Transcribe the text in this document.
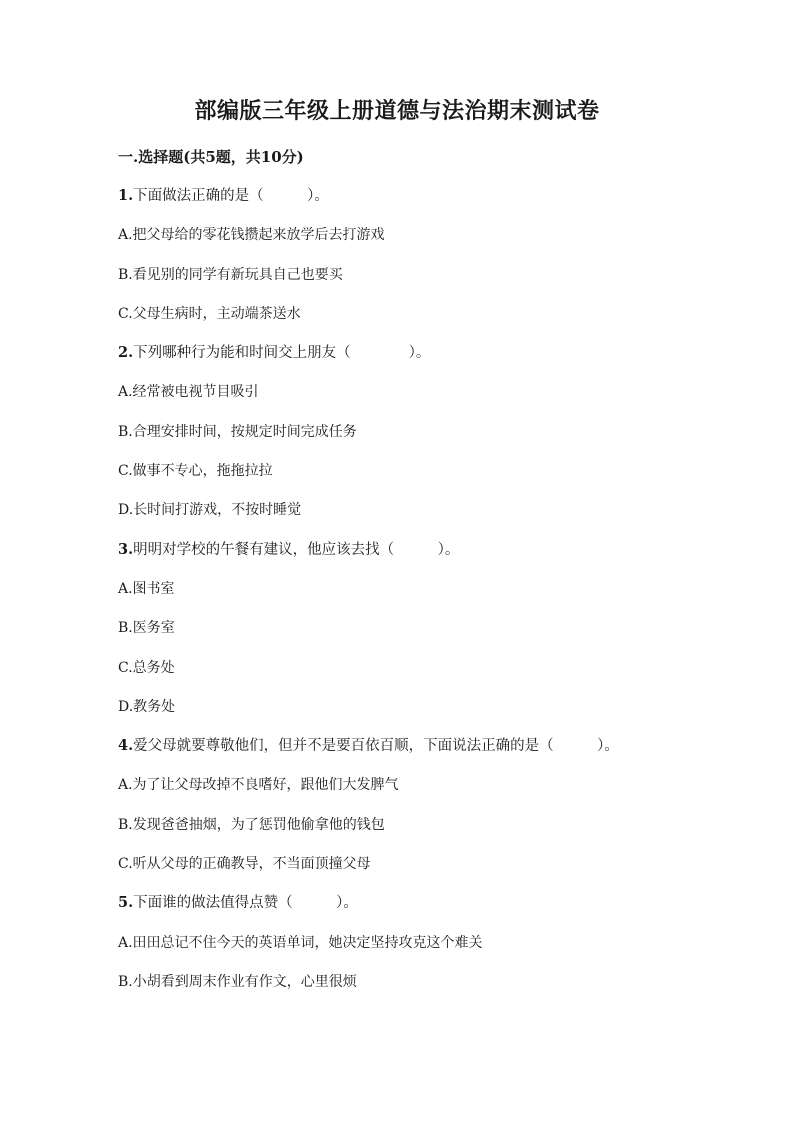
部编版三年级上册道德与法治期末测试卷
一.选择题(共5题，共10分)
1.下面做法正确的是（　　　）。
A.把父母给的零花钱攒起来放学后去打游戏
B.看见别的同学有新玩具自己也要买
C.父母生病时，主动端茶送水
2.下列哪种行为能和时间交上朋友（　　　　）。
A.经常被电视节目吸引
B.合理安排时间，按规定时间完成任务
C.做事不专心，拖拖拉拉
D.长时间打游戏，不按时睡觉
3.明明对学校的午餐有建议，他应该去找（　　　）。
A.图书室
B.医务室
C.总务处
D.教务处
4.爱父母就要尊敬他们，但并不是要百依百顺，下面说法正确的是（　　　）。
A.为了让父母改掉不良嗜好，跟他们大发脾气
B.发现爸爸抽烟，为了惩罚他偷拿他的钱包
C.听从父母的正确教导，不当面顶撞父母
5.下面谁的做法值得点赞（　　　）。
A.田田总记不住今天的英语单词，她决定坚持攻克这个难关
B.小胡看到周末作业有作文，心里很烦
